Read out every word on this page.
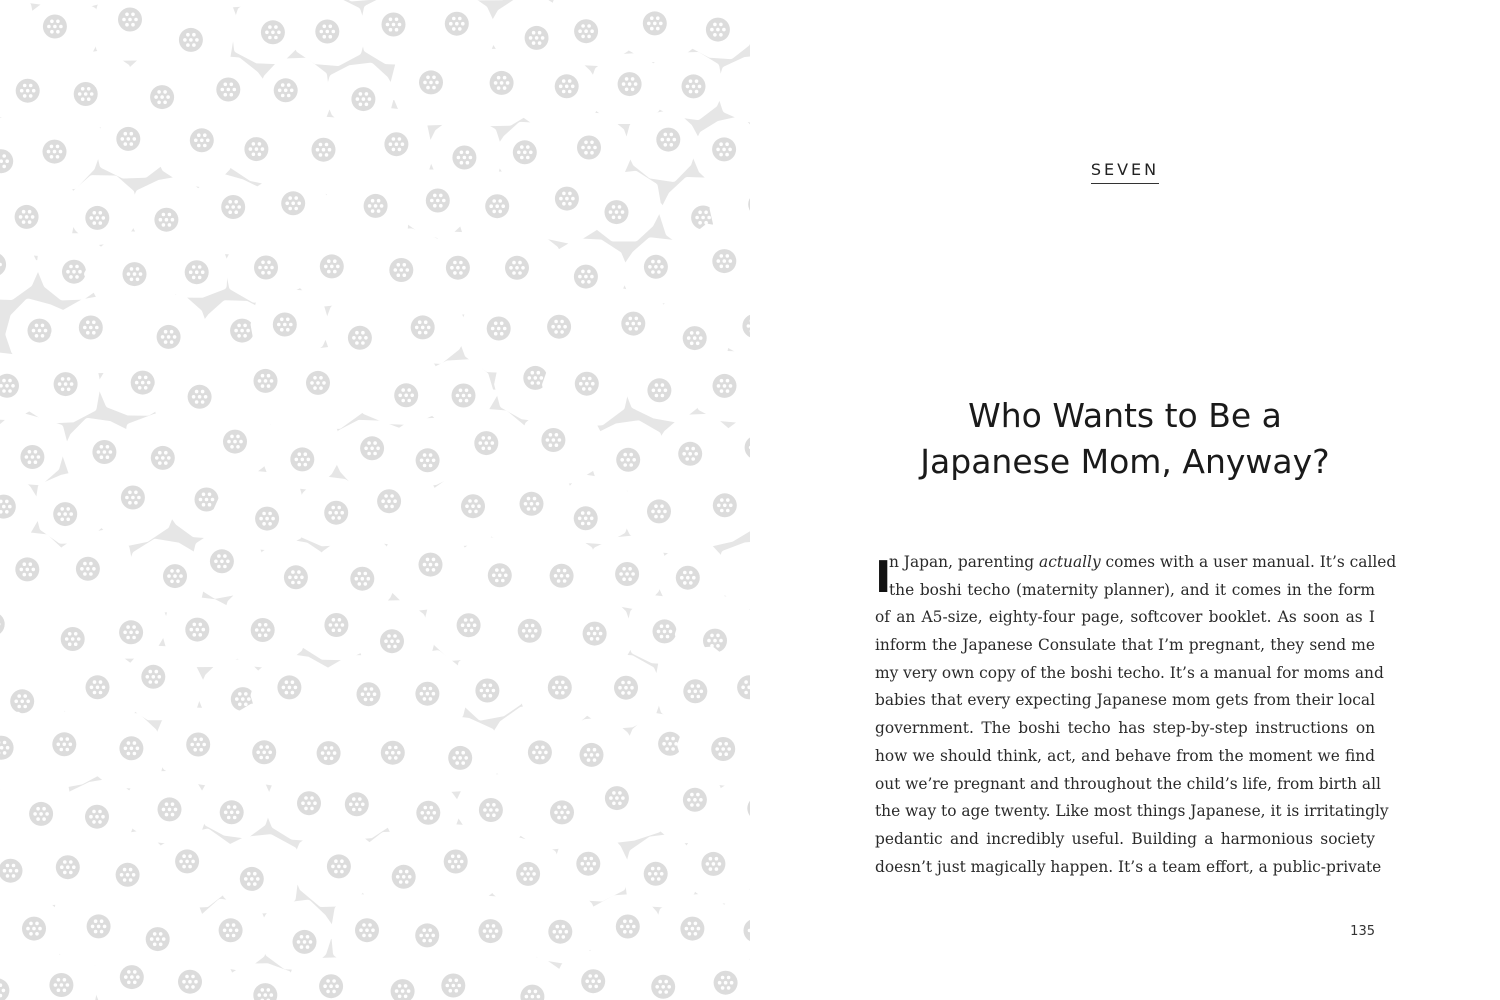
SEVEN
Who Wants to Be a
Japanese Mom, Anyway?
I
n Japan, parenting actually comes with a user manual. It’s called
the boshi techo (maternity planner), and it comes in the form
of an A5-size, eighty-four page, softcover booklet. As soon as I
inform the Japanese Consulate that I’m pregnant, they send me
my very own copy of the boshi techo. It’s a manual for moms and
babies that every expecting Japanese mom gets from their local
government. The boshi techo has step-by-step instructions on
how we should think, act, and behave from the moment we find
out we’re pregnant and throughout the child’s life, from birth all
the way to age twenty. Like most things Japanese, it is irritatingly
pedantic and incredibly useful. Building a harmonious society
doesn’t just magically happen. It’s a team effort, a public-private
135
